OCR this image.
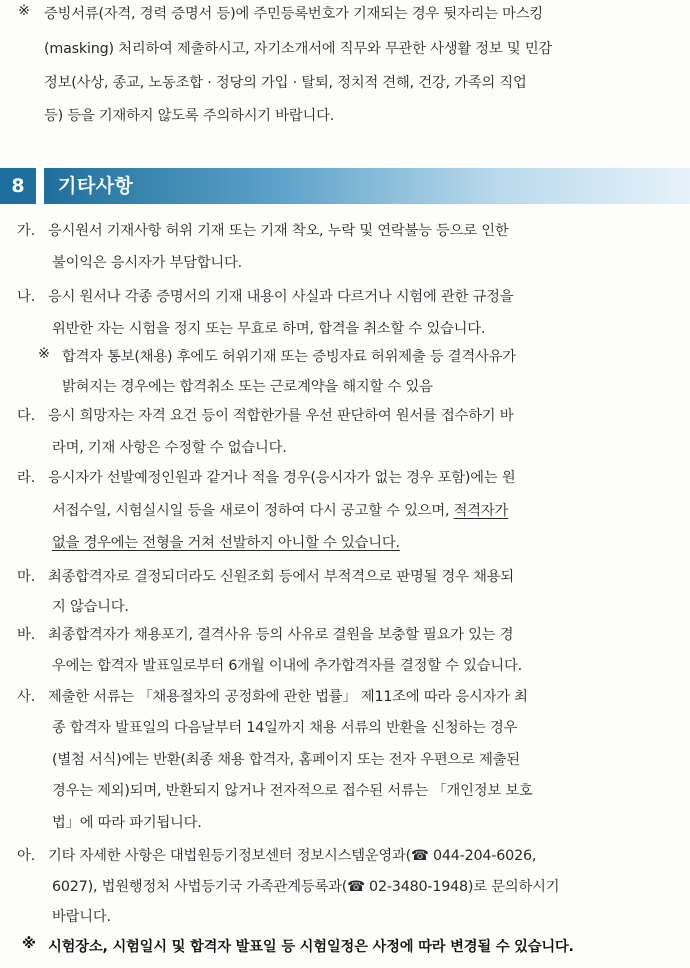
※ 증빙서류(자격, 경력 증명서 등)에 주민등록번호가 기재되는 경우 뒷자리는 마스킹
(masking) 처리하여 제출하시고, 자기소개서에 직무와 무관한 사생활 정보 및 민감
정보(사상, 종교, 노동조합 · 정당의 가입 · 탈퇴, 정치적 견해, 건강, 가족의 직업
등) 등을 기재하지 않도록 주의하시기 바랍니다.
8	기타사항
가. 응시원서 기재사항 허위 기재 또는 기재 착오, 누락 및 연락불능 등으로 인한
불이익은 응시자가 부담합니다.
나. 응시 원서나 각종 증명서의 기재 내용이 사실과 다르거나 시험에 관한 규정을
위반한 자는 시험을 정지 또는 무효로 하며, 합격을 취소할 수 있습니다.
※ 합격자 통보(채용) 후에도 허위기재 또는 증빙자료 허위제출 등 결격사유가
밝혀지는 경우에는 합격취소 또는 근로계약을 해지할 수 있음
다. 응시 희망자는 자격 요건 등이 적합한가를 우선 판단하여 원서를 접수하기 바
라며, 기재 사항은 수정할 수 없습니다.
라. 응시자가 선발예정인원과 같거나 적을 경우(응시자가 없는 경우 포함)에는 원
서접수일, 시험실시일 등을 새로이 정하여 다시 공고할 수 있으며, 적격자가
없을 경우에는 전형을 거쳐 선발하지 아니할 수 있습니다.
마. 최종합격자로 결정되더라도 신원조회 등에서 부적격으로 판명될 경우 채용되
지 않습니다.
바. 최종합격자가 채용포기, 결격사유 등의 사유로 결원을 보충할 필요가 있는 경
우에는 합격자 발표일로부터 6개월 이내에 추가합격자를 결정할 수 있습니다.
사. 제출한 서류는 「채용절차의 공정화에 관한 법률」 제11조에 따라 응시자가 최
종 합격자 발표일의 다음날부터 14일까지 채용 서류의 반환을 신청하는 경우
(별첨 서식)에는 반환(최종 채용 합격자, 홈페이지 또는 전자 우편으로 제출된
경우는 제외)되며, 반환되지 않거나 전자적으로 접수된 서류는 「개인정보 보호
법」에 따라 파기됩니다.
아. 기타 자세한 사항은 대법원등기정보센터 정보시스템운영과(☎ 044-204-6026,
6027), 법원행정처 사법등기국 가족관계등록과(☎ 02-3480-1948)로 문의하시기
바랍니다.
※ 시험장소, 시험일시 및 합격자 발표일 등 시험일정은 사정에 따라 변경될 수 있습니다.
